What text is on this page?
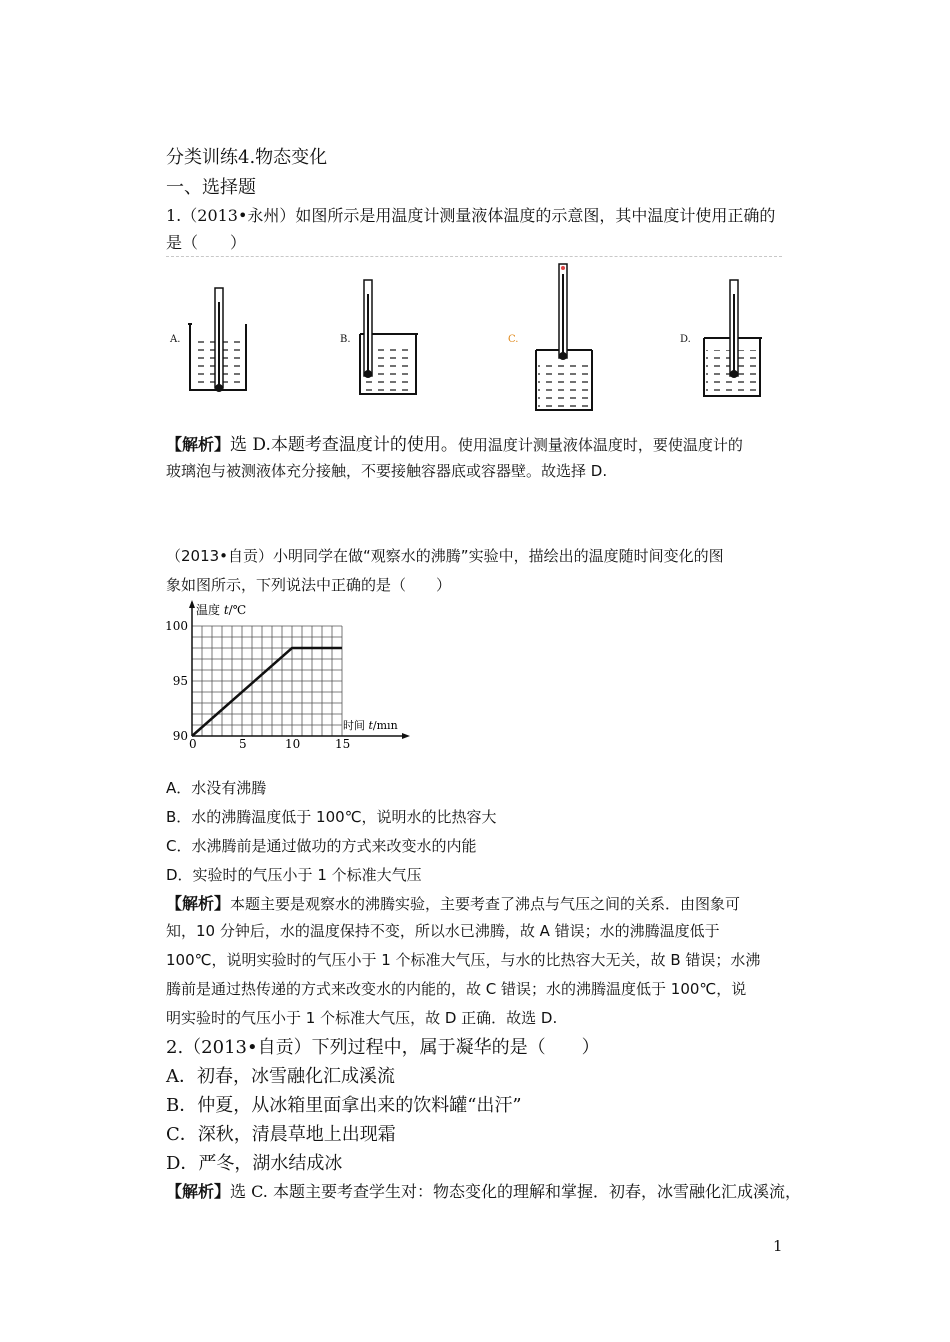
分类训练4.物态变化
一、选择题
1.（2013•永州）如图所示是用温度计测量液体温度的示意图，其中温度计使用正确的
是（　　）
A.	B.	C.	D.
【解析】选 D.本题考查温度计的使用。使用温度计测量液体温度时，要使温度计的
玻璃泡与被测液体充分接触，不要接触容器底或容器壁。故选择 D.
（2013•自贡）小明同学在做“观察水的沸腾”实验中，描绘出的温度随时间变化的图
象如图所示，下列说法中正确的是（　　）
温度 t/℃
时间 t/mın
0	5	10	15
90
95
100
A．水没有沸腾
B．水的沸腾温度低于 100℃，说明水的比热容大
C．水沸腾前是通过做功的方式来改变水的内能
D．实验时的气压小于 1 个标准大气压
【解析】本题主要是观察水的沸腾实验，主要考查了沸点与气压之间的关系．由图象可
知，10 分钟后，水的温度保持不变，所以水已沸腾，故 A 错误；水的沸腾温度低于
100℃，说明实验时的气压小于 1 个标准大气压，与水的比热容大无关，故 B 错误；水沸
腾前是通过热传递的方式来改变水的内能的，故 C 错误；水的沸腾温度低于 100℃，说
明实验时的气压小于 1 个标准大气压，故 D 正确．故选 D.
2.（2013•自贡）下列过程中，属于凝华的是（　　）
A．初春，冰雪融化汇成溪流
B．仲夏，从冰箱里面拿出来的饮料罐“出汗”
C．深秋，清晨草地上出现霜
D．严冬，湖水结成冰
【解析】选 C. 本题主要考查学生对：物态变化的理解和掌握．初春，冰雪融化汇成溪流，
1
